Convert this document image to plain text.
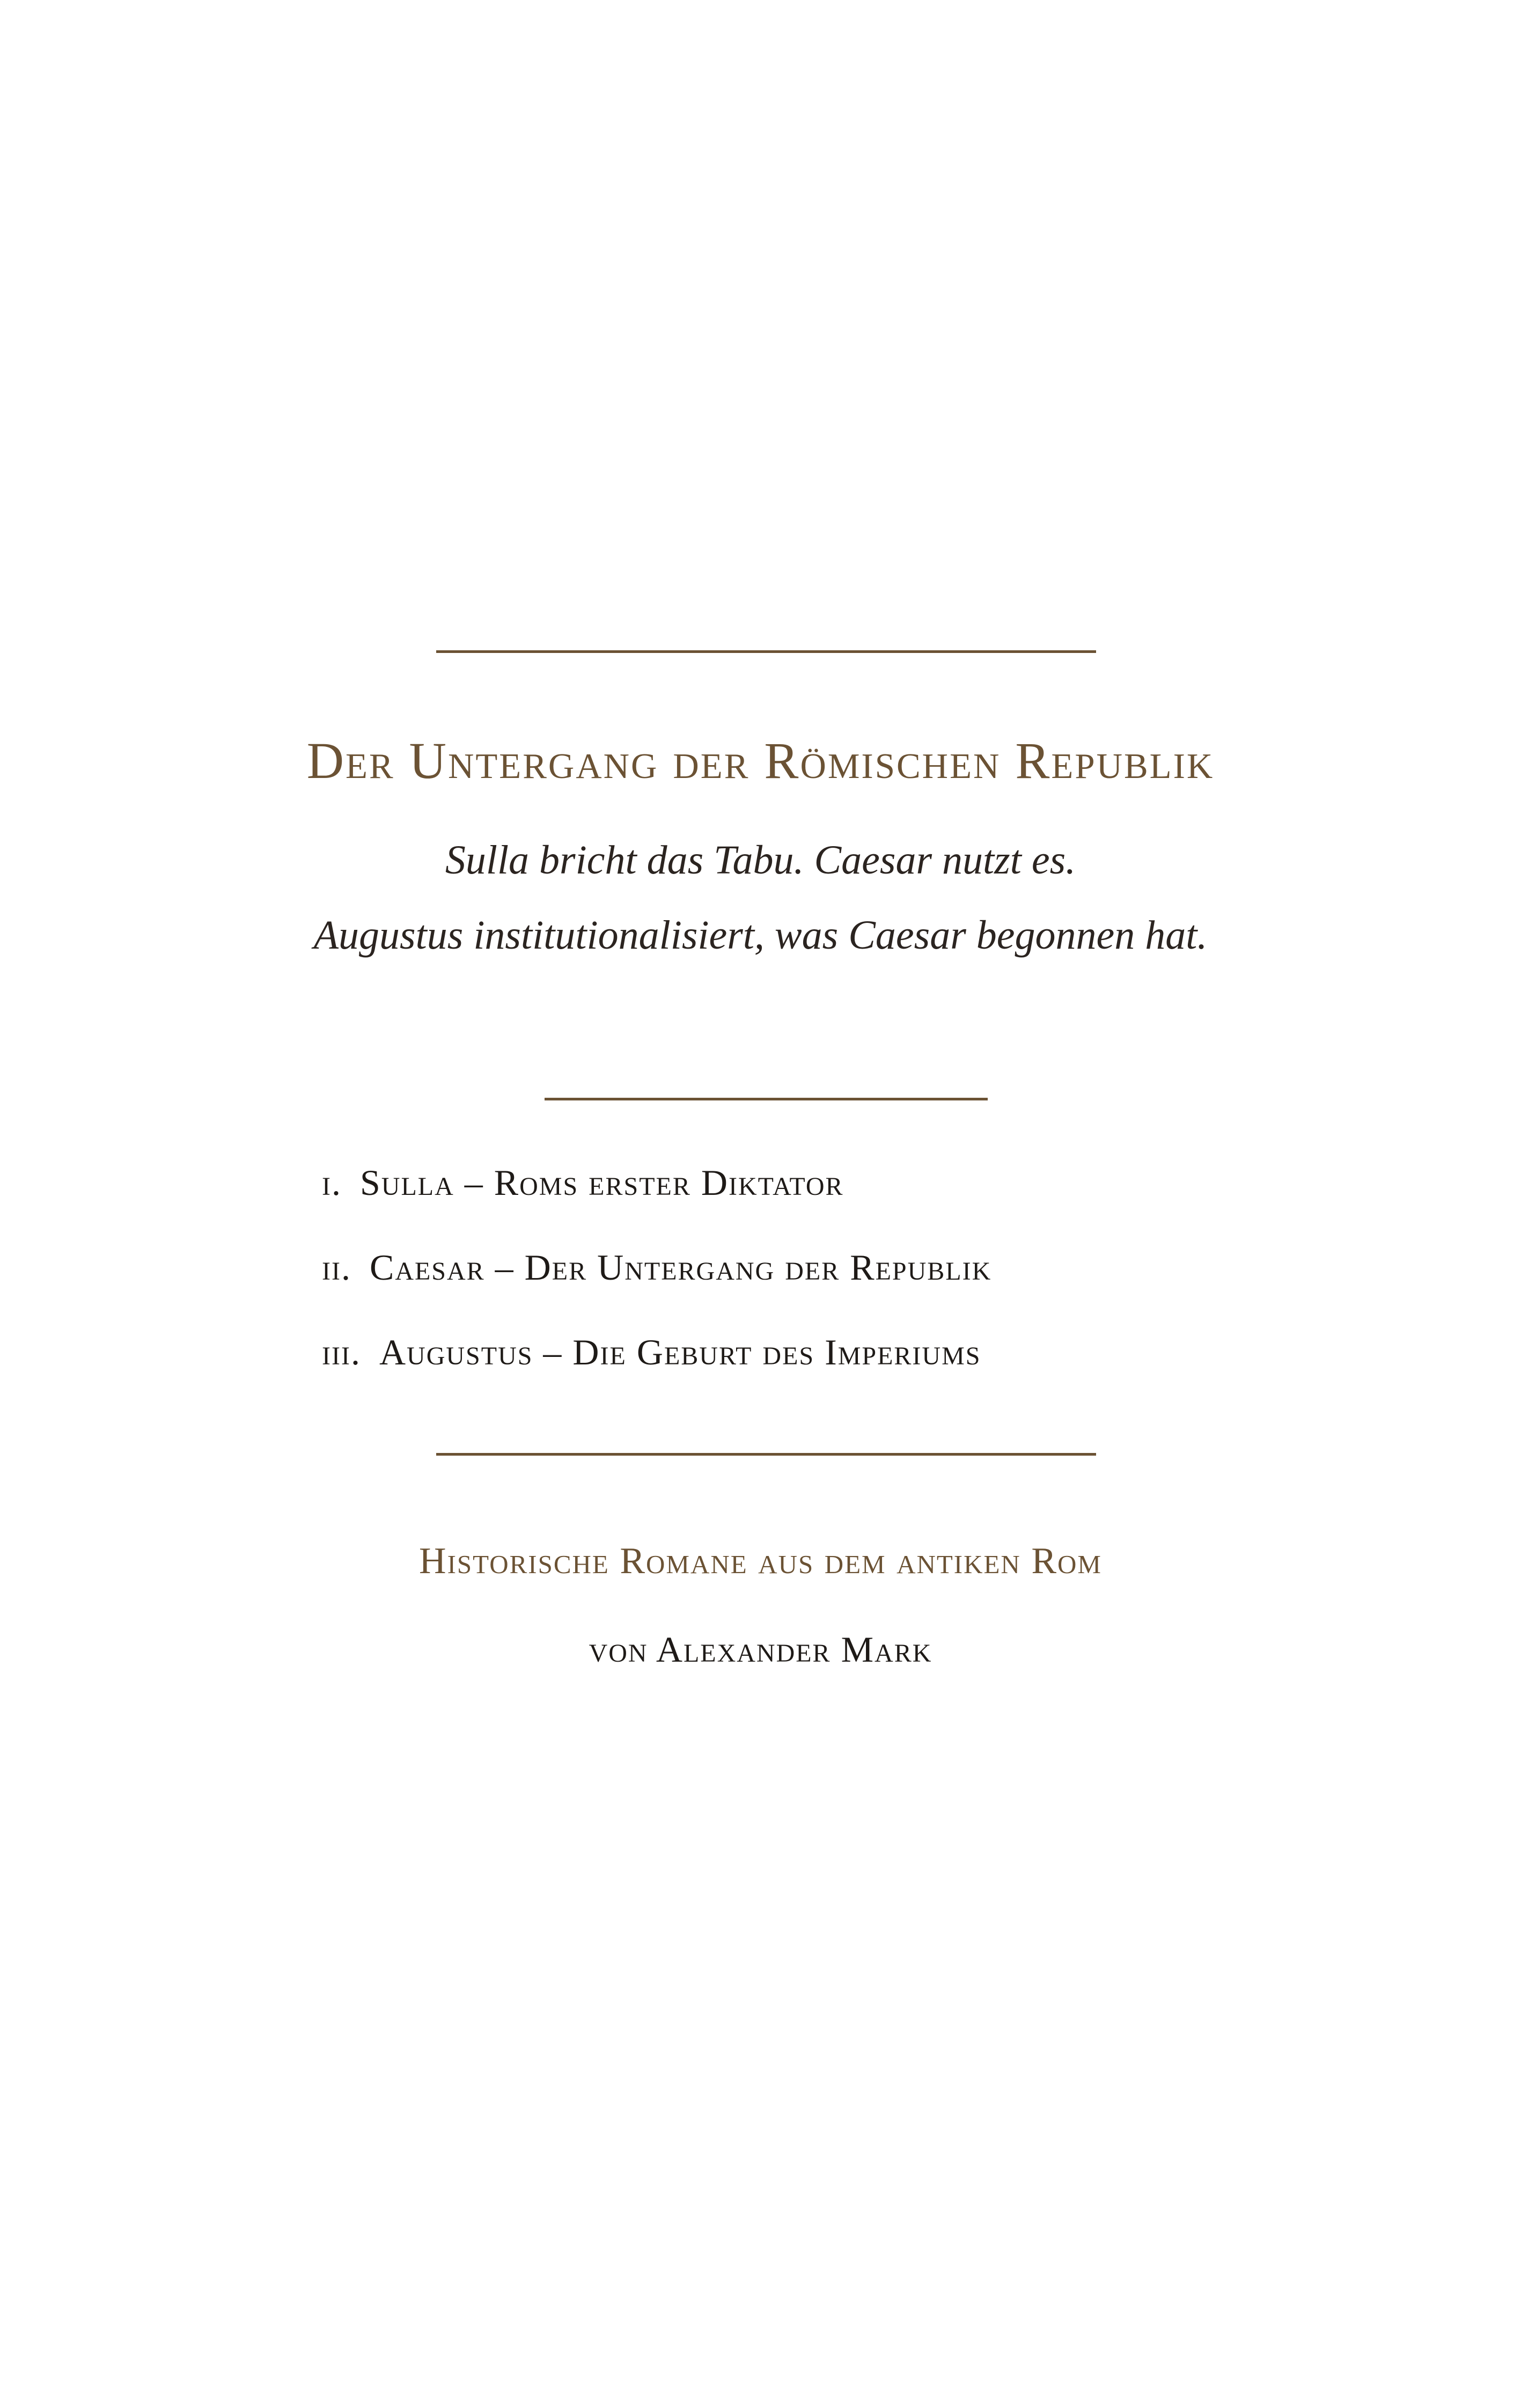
Der Untergang der Römischen Republik
Sulla bricht das Tabu. Caesar nutzt es.
Augustus institutionalisiert, was Caesar begonnen hat.
i. Sulla – Roms erster Diktator
ii. Caesar – Der Untergang der Republik
iii. Augustus – Die Geburt des Imperiums
Historische Romane aus dem antiken Rom
von Alexander Mark
